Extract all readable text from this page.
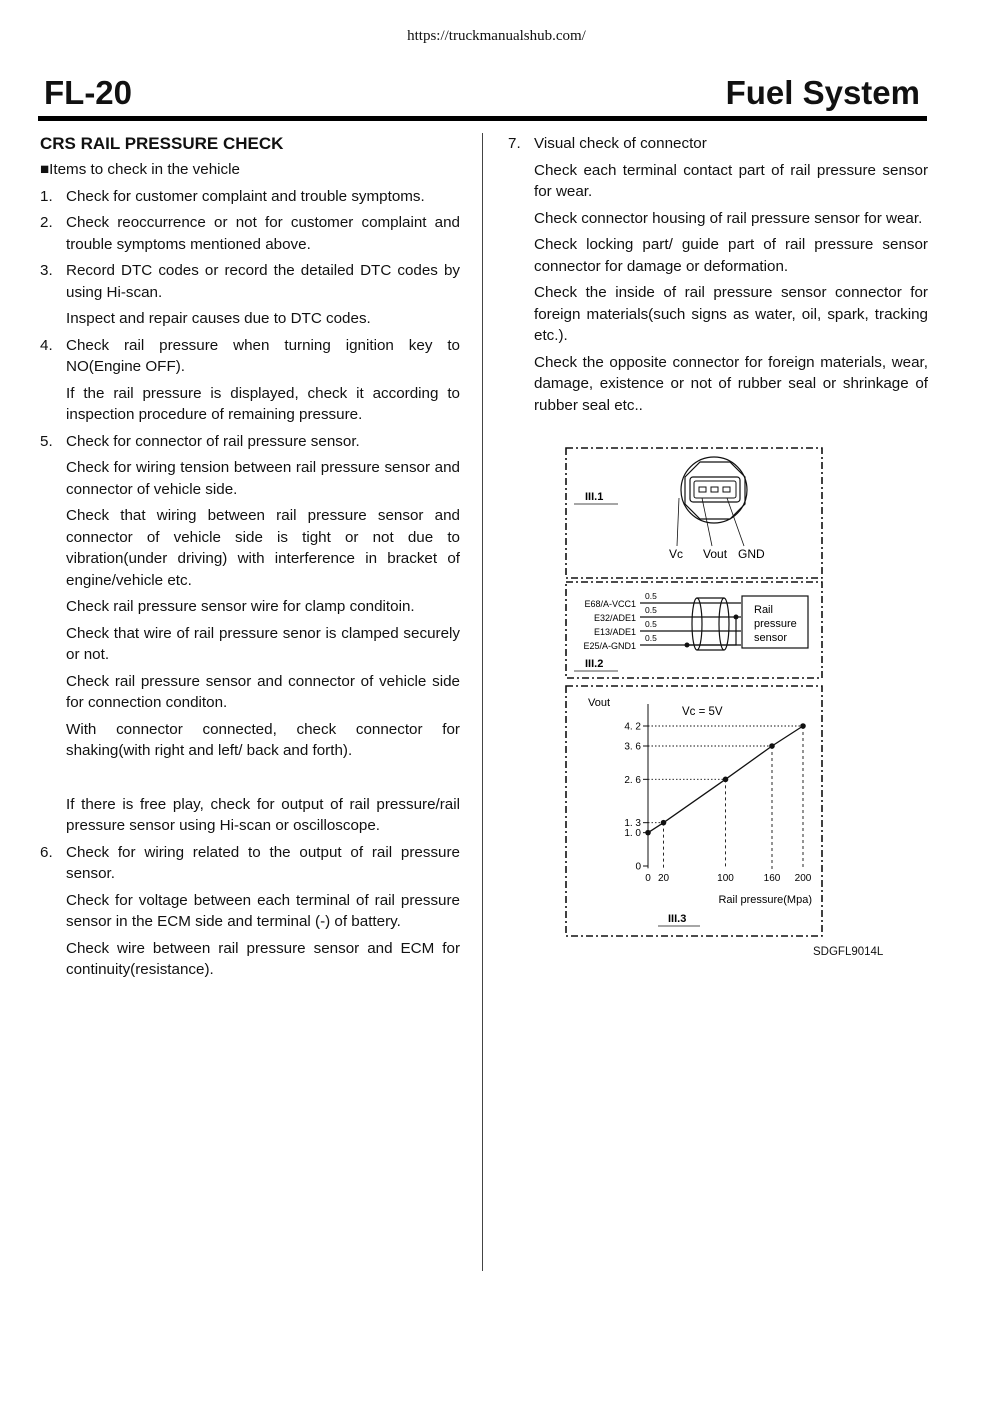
https://truckmanualshub.com/
FL-20	Fuel System
CRS RAIL PRESSURE CHECK
■Items to check in the vehicle
1. Check for customer complaint and trouble symptoms.

2. Check reoccurrence or not for customer complaint and trouble symptoms mentioned above.

3. Record DTC codes or record the detailed DTC codes by using Hi-scan.

Inspect and repair causes due to DTC codes.

4. Check rail pressure when turning ignition key to NO(Engine OFF).

If the rail pressure is displayed, check it according to inspection procedure of remaining pressure.

5. Check for connector of rail pressure sensor.

Check for wiring tension between rail pressure sensor and connector of vehicle side.

Check that wiring between rail pressure sensor and connector of vehicle side is tight or not due to vibration(under driving) with interference in bracket of engine/vehicle etc.

Check rail pressure sensor wire for clamp conditoin.

Check that wire of rail pressure senor is clamped securely or not.

Check rail pressure sensor and connector of vehicle side for connection conditon.

With connector connected, check connector for shaking(with right and left/ back and forth).

If there is free play, check for output of rail pressure/rail pressure sensor using Hi-scan or oscilloscope.

6. Check for wiring related to the output of rail pressure sensor.

Check for voltage between each terminal of rail pressure sensor in the ECM side and terminal (-) of battery.

Check wire between rail pressure sensor and ECM for continuity(resistance).

7. Visual check of connector

Check each terminal contact part of rail pressure sensor for wear.

Check connector housing of rail pressure sensor for wear.

Check locking part/ guide part of rail pressure sensor connector for damage or deformation.

Check the inside of rail pressure sensor connector for foreign materials(such signs as water, oil, spark, tracking etc.).

Check the opposite connector for foreign materials, wear, damage, existence or not of rubber seal or shrinkage of rubber seal etc..

III.1
Vc Vout GND
E68/A-VCC1
E32/ADE1
E13/ADE1
E25/A-GND1
0.5
0.5
0.5
0.5
Rail
pressure
sensor
III.2
Vout
Vc = 5V
4. 2
3. 6
2. 6
1. 3
1. 0
0
0 20	100	160 200
Rail pressure(Mpa)
III.3
SDGFL9014L
